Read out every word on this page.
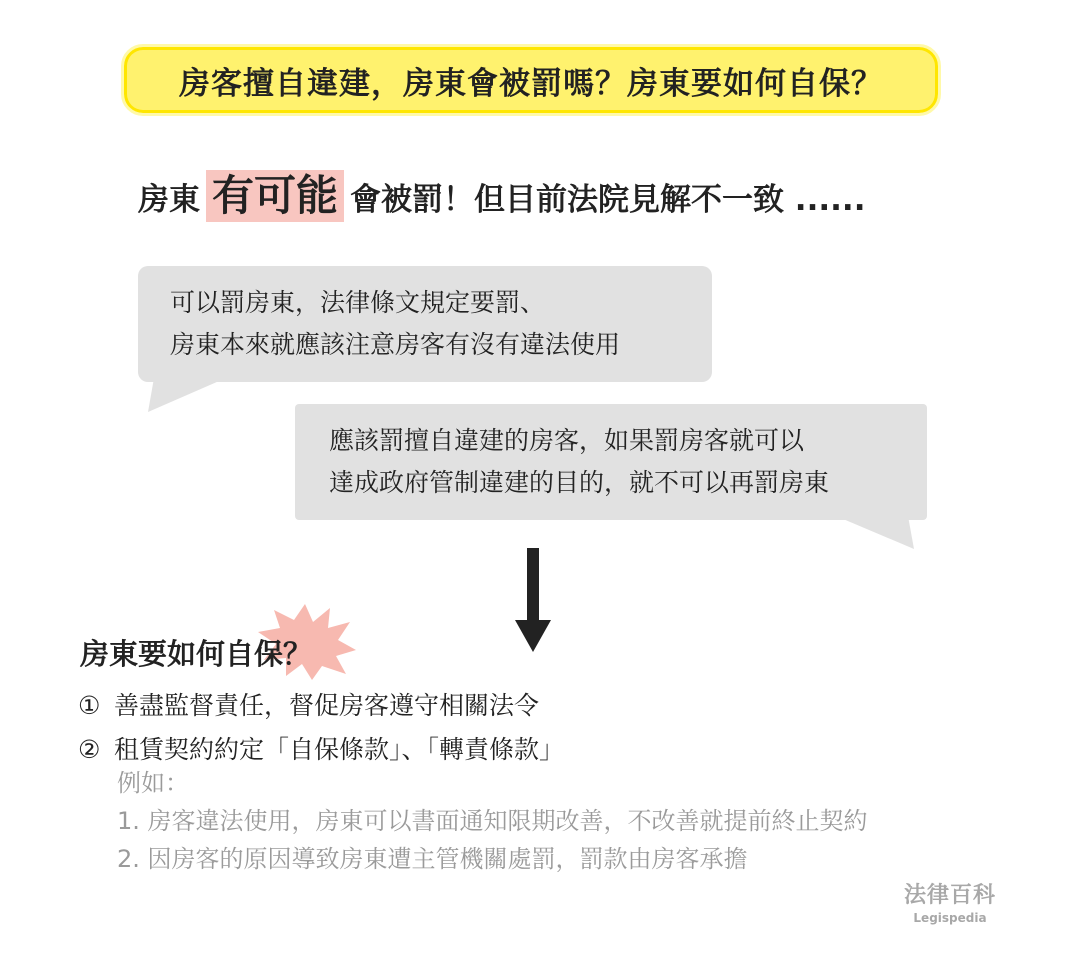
房客擅自違建，房東會被罰嗎？房東要如何自保？
房東 有可能 會被罰！但目前法院見解不一致 ......
可以罰房東，法律條文規定要罰、
房東本來就應該注意房客有沒有違法使用
應該罰擅自違建的房客，如果罰房客就可以
達成政府管制違建的目的，就不可以再罰房東
房東要如何自保？
① 善盡監督責任，督促房客遵守相關法令
② 租賃契約約定「自保條款」、「轉責條款」
例如：
1. 房客違法使用，房東可以書面通知限期改善，不改善就提前終止契約
2. 因房客的原因導致房東遭主管機關處罰，罰款由房客承擔
法律百科
Legispedia
